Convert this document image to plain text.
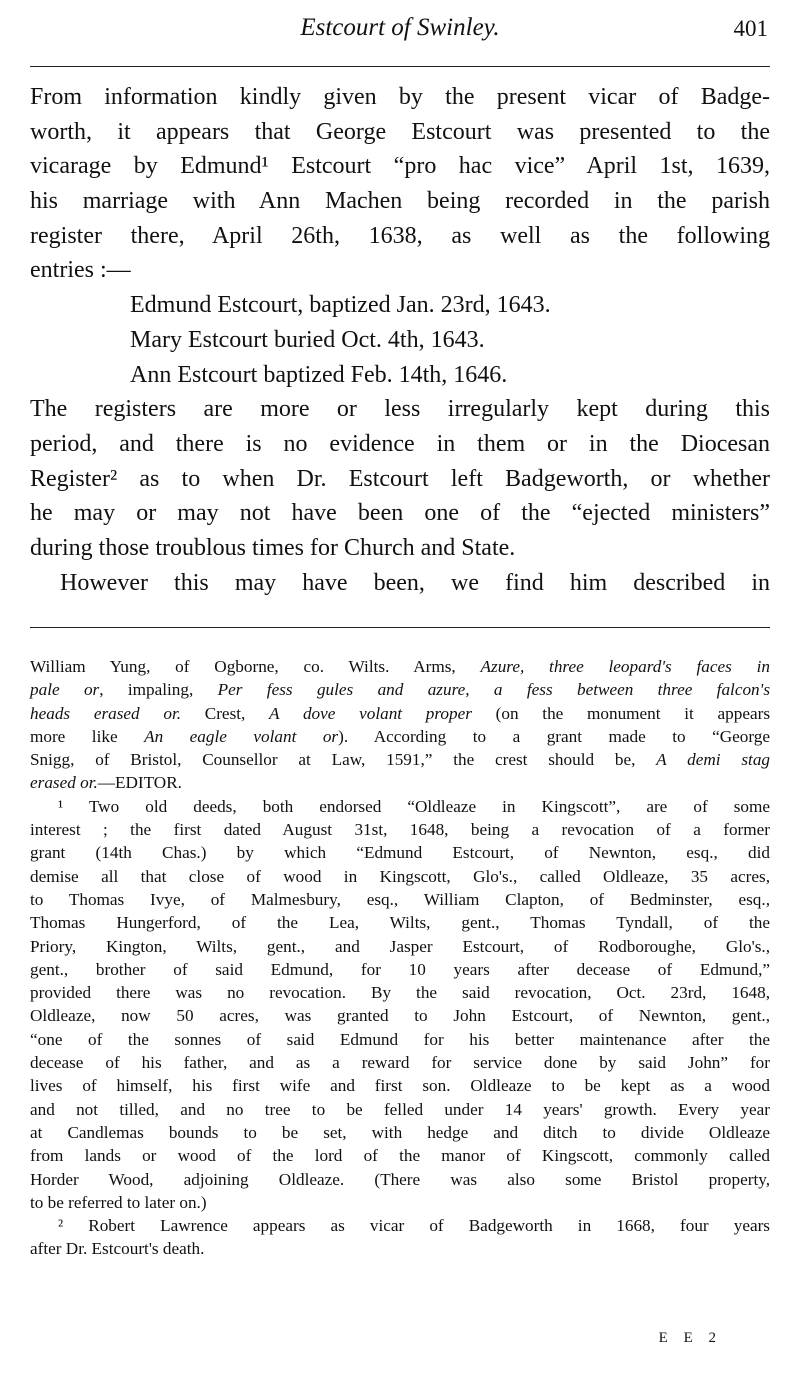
Estcourt of Swinley.	401
From information kindly given by the present vicar of Badge-
worth, it appears that George Estcourt was presented to the
vicarage by Edmund¹ Estcourt “pro hac vice” April 1st, 1639,
his marriage with Ann Machen being recorded in the parish
register there, April 26th, 1638, as well as the following
entries :—
Edmund Estcourt, baptized Jan. 23rd, 1643.
Mary Estcourt buried Oct. 4th, 1643.
Ann Estcourt baptized Feb. 14th, 1646.
The registers are more or less irregularly kept during this
period, and there is no evidence in them or in the Diocesan
Register² as to when Dr. Estcourt left Badgeworth, or whether
he may or may not have been one of the “ejected ministers”
during those troublous times for Church and State.
However this may have been, we find him described in
William Yung, of Ogborne, co. Wilts. Arms, Azure, three leopard's faces in
pale or, impaling, Per fess gules and azure, a fess between three falcon's
heads erased or. Crest, A dove volant proper (on the monument it appears
more like An eagle volant or). According to a grant made to “George
Snigg, of Bristol, Counsellor at Law, 1591,” the crest should be, A demi stag
erased or.—EDITOR.
¹ Two old deeds, both endorsed “Oldleaze in Kingscott”, are of some
interest ; the first dated August 31st, 1648, being a revocation of a former
grant (14th Chas.) by which “Edmund Estcourt, of Newnton, esq., did
demise all that close of wood in Kingscott, Glo's., called Oldleaze, 35 acres,
to Thomas Ivye, of Malmesbury, esq., William Clapton, of Bedminster, esq.,
Thomas Hungerford, of the Lea, Wilts, gent., Thomas Tyndall, of the
Priory, Kington, Wilts, gent., and Jasper Estcourt, of Rodboroughe, Glo's.,
gent., brother of said Edmund, for 10 years after decease of Edmund,”
provided there was no revocation. By the said revocation, Oct. 23rd, 1648,
Oldleaze, now 50 acres, was granted to John Estcourt, of Newnton, gent.,
“one of the sonnes of said Edmund for his better maintenance after the
decease of his father, and as a reward for service done by said John” for
lives of himself, his first wife and first son. Oldleaze to be kept as a wood
and not tilled, and no tree to be felled under 14 years' growth. Every year
at Candlemas bounds to be set, with hedge and ditch to divide Oldleaze
from lands or wood of the lord of the manor of Kingscott, commonly called
Horder Wood, adjoining Oldleaze. (There was also some Bristol property,
to be referred to later on.)
² Robert Lawrence appears as vicar of Badgeworth in 1668, four years
after Dr. Estcourt's death.
E E 2
